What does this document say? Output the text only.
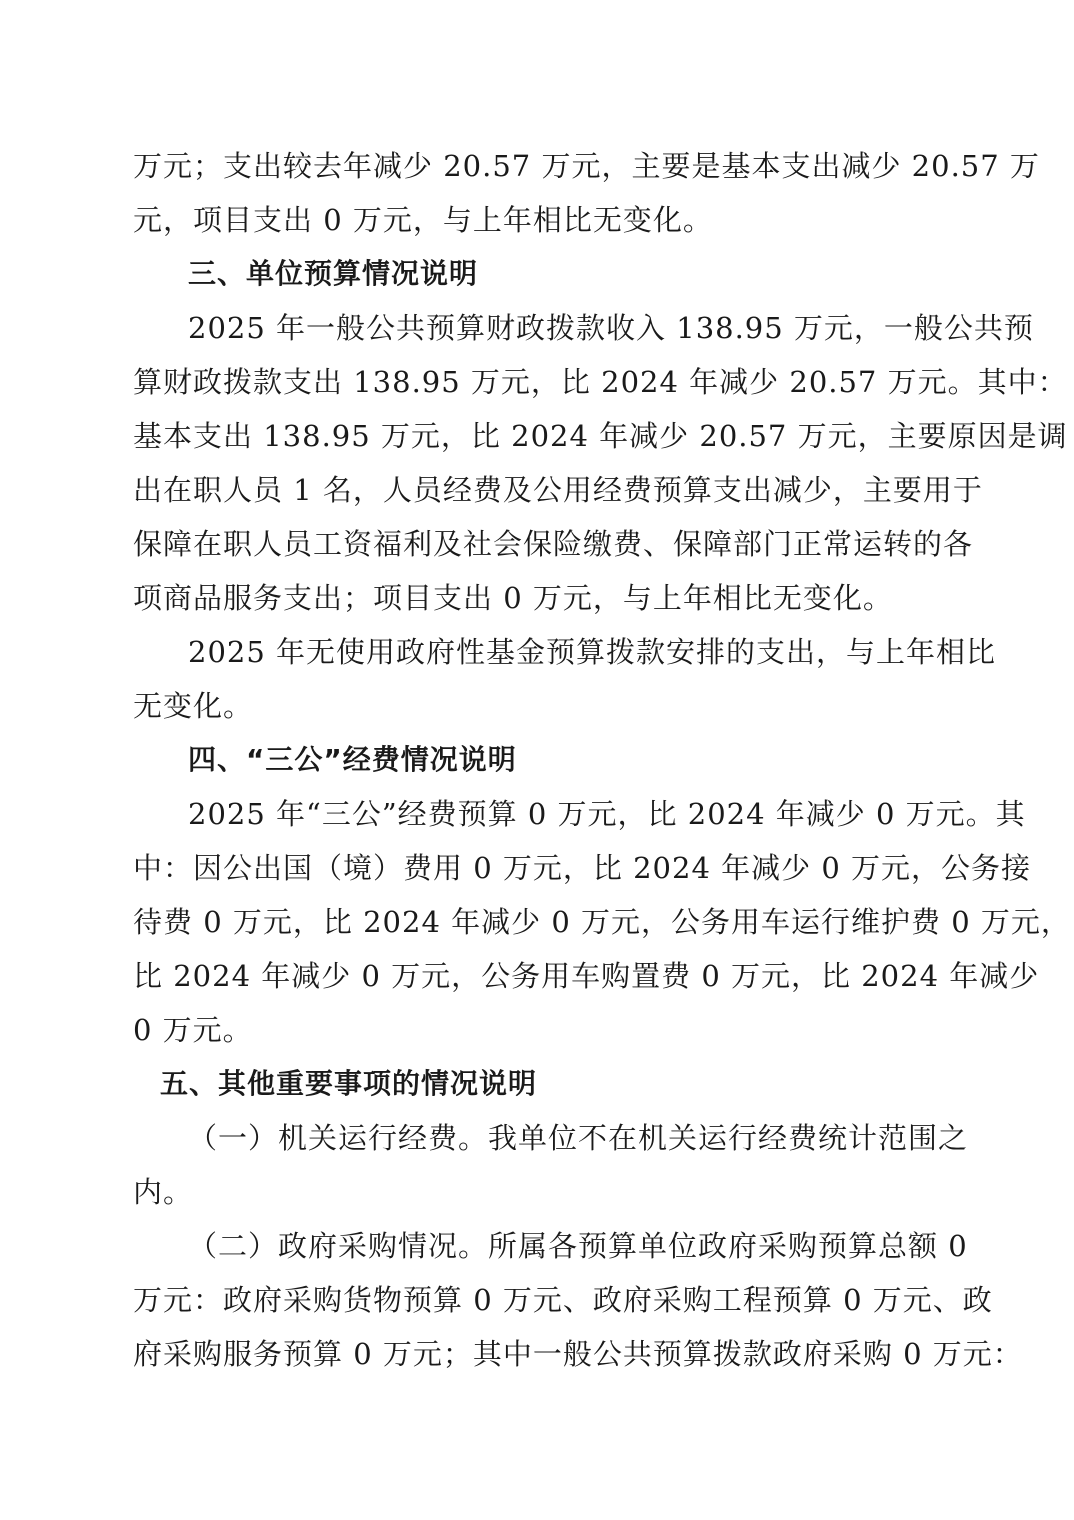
万元；支出较去年减少 20.57 万元，主要是基本支出减少 20.57 万
元，项目支出 0 万元，与上年相比无变化。
三、单位预算情况说明
2025 年一般公共预算财政拨款收入 138.95 万元，一般公共预
算财政拨款支出 138.95 万元，比 2024 年减少 20.57 万元。其中：
基本支出 138.95 万元，比 2024 年减少 20.57 万元，主要原因是调
出在职人员 1 名，人员经费及公用经费预算支出减少，主要用于
保障在职人员工资福利及社会保险缴费、保障部门正常运转的各
项商品服务支出；项目支出 0 万元，与上年相比无变化。
2025 年无使用政府性基金预算拨款安排的支出，与上年相比
无变化。
四、“三公”经费情况说明
2025 年“三公”经费预算 0 万元，比 2024 年减少 0 万元。其
中：因公出国（境）费用 0 万元，比 2024 年减少 0 万元，公务接
待费 0 万元，比 2024 年减少 0 万元，公务用车运行维护费 0 万元，
比 2024 年减少 0 万元，公务用车购置费 0 万元，比 2024 年减少
0 万元。
五、其他重要事项的情况说明
（一）机关运行经费。我单位不在机关运行经费统计范围之
内。
（二）政府采购情况。所属各预算单位政府采购预算总额 0
万元：政府采购货物预算 0 万元、政府采购工程预算 0 万元、政
府采购服务预算 0 万元；其中一般公共预算拨款政府采购 0 万元：
